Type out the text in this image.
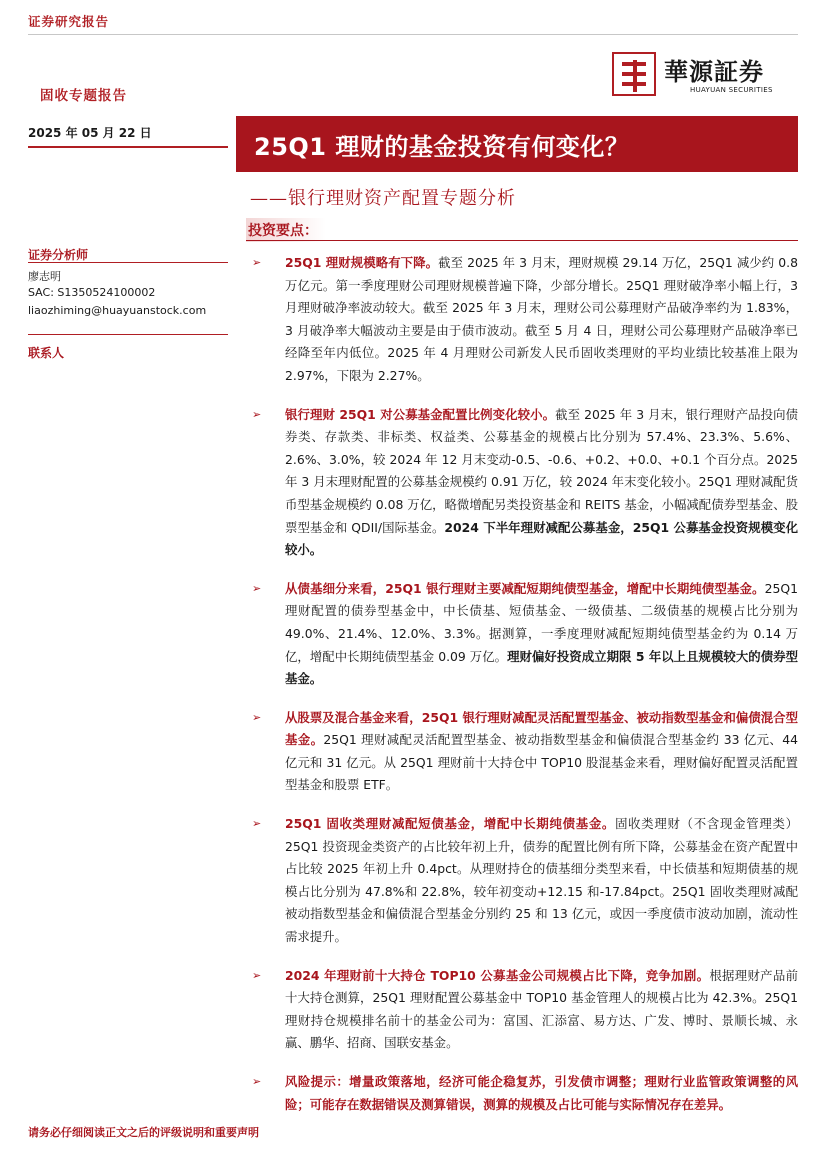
证券研究报告
固收专题报告
華源証券
HUAYUAN SECURITIES
2025 年 05 月 22 日	25Q1 理财的基金投资有何变化？
——银行理财资产配置专题分析
投资要点：
证券分析师
廖志明
SAC: S1350524100002
liaozhiming@huayuanstock.com
联系人
➢ 25Q1 理财规模略有下降。截至 2025 年 3 月末，理财规模 29.14 万亿，25Q1 减少约 0.8 万亿元。第一季度理财公司理财规模普遍下降，少部分增长。25Q1 理财破净率小幅上行，3 月理财破净率波动较大。截至 2025 年 3 月末，理财公司公募理财产品破净率约为 1.83%，3 月破净率大幅波动主要是由于债市波动。截至 5 月 4 日，理财公司公募理财产品破净率已经降至年内低位。2025 年 4 月理财公司新发人民币固收类理财的平均业绩比较基准上限为 2.97%，下限为 2.27%。
➢ 银行理财 25Q1 对公募基金配置比例变化较小。截至 2025 年 3 月末，银行理财产品投向债券类、存款类、非标类、权益类、公募基金的规模占比分别为 57.4%、23.3%、5.6%、2.6%、3.0%，较 2024 年 12 月末变动-0.5、-0.6、+0.2、+0.0、+0.1 个百分点。2025 年 3 月末理财配置的公募基金规模约 0.91 万亿，较 2024 年末变化较小。25Q1 理财减配货币型基金规模约 0.08 万亿，略微增配另类投资基金和 REITS 基金，小幅减配债券型基金、股票型基金和 QDII/国际基金。2024 下半年理财减配公募基金，25Q1 公募基金投资规模变化较小。
➢ 从债基细分来看，25Q1 银行理财主要减配短期纯债型基金，增配中长期纯债型基金。25Q1 理财配置的债券型基金中，中长债基、短债基金、一级债基、二级债基的规模占比分别为 49.0%、21.4%、12.0%、3.3%。据测算，一季度理财减配短期纯债型基金约为 0.14 万亿，增配中长期纯债型基金 0.09 万亿。理财偏好投资成立期限 5 年以上且规模较大的债券型基金。
➢ 从股票及混合基金来看，25Q1 银行理财减配灵活配置型基金、被动指数型基金和偏债混合型基金。25Q1 理财减配灵活配置型基金、被动指数型基金和偏债混合型基金约 33 亿元、44 亿元和 31 亿元。从 25Q1 理财前十大持仓中 TOP10 股混基金来看，理财偏好配置灵活配置型基金和股票 ETF。
➢ 25Q1 固收类理财减配短债基金，增配中长期纯债基金。固收类理财（不含现金管理类）25Q1 投资现金类资产的占比较年初上升，债券的配置比例有所下降，公募基金在资产配置中占比较 2025 年初上升 0.4pct。从理财持仓的债基细分类型来看，中长债基和短期债基的规模占比分别为 47.8%和 22.8%，较年初变动+12.15 和-17.84pct。25Q1 固收类理财减配被动指数型基金和偏债混合型基金分别约 25 和 13 亿元，或因一季度债市波动加剧，流动性需求提升。
➢ 2024 年理财前十大持仓 TOP10 公募基金公司规模占比下降，竞争加剧。根据理财产品前十大持仓测算，25Q1 理财配置公募基金中 TOP10 基金管理人的规模占比为 42.3%。25Q1 理财持仓规模排名前十的基金公司为：富国、汇添富、易方达、广发、博时、景顺长城、永赢、鹏华、招商、国联安基金。
➢ 风险提示：增量政策落地，经济可能企稳复苏，引发债市调整；理财行业监管政策调整的风险；可能存在数据错误及测算错误，测算的规模及占比可能与实际情况存在差异。
请务必仔细阅读正文之后的评级说明和重要声明
